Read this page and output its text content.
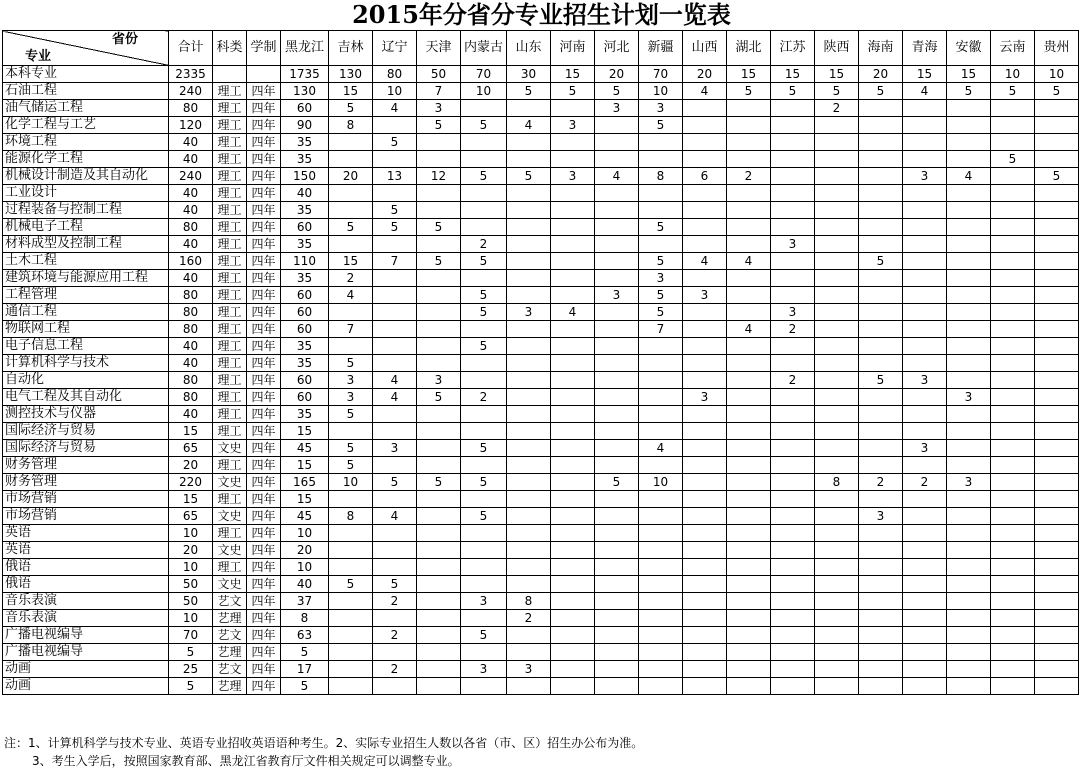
2015年分省分专业招生计划一览表
省份
专业	合计	科类	学制	黑龙江	吉林	辽宁	天津	内蒙古	山东	河南	河北	新疆	山西	湖北	江苏	陕西	海南	青海	安徽	云南	贵州
本科专业	2335			1735	130	80	50	70	30	15	20	70	20	15	15	15	20	15	15	10	10
石油工程	240	理工	四年	130	15	10	7	10	5	5	5	10	4	5	5	5	5	4	5	5	5
油气储运工程	80	理工	四年	60	5	4	3				3	3				2					
化学工程与工艺	120	理工	四年	90	8		5	5	4	3		5									
环境工程	40	理工	四年	35		5															
能源化学工程	40	理工	四年	35																5	
机械设计制造及其自动化	240	理工	四年	150	20	13	12	5	5	3	4	8	6	2				3	4		5
工业设计	40	理工	四年	40																	
过程装备与控制工程	40	理工	四年	35		5															
机械电子工程	80	理工	四年	60	5	5	5					5									
材料成型及控制工程	40	理工	四年	35				2							3						
土木工程	160	理工	四年	110	15	7	5	5				5	4	4			5				
建筑环境与能源应用工程	40	理工	四年	35	2							3									
工程管理	80	理工	四年	60	4			5			3	5	3								
通信工程	80	理工	四年	60				5	3	4		5			3						
物联网工程	80	理工	四年	60	7							7		4	2						
电子信息工程	40	理工	四年	35				5													
计算机科学与技术	40	理工	四年	35	5																
自动化	80	理工	四年	60	3	4	3								2		5	3			
电气工程及其自动化	80	理工	四年	60	3	4	5	2					3						3		
测控技术与仪器	40	理工	四年	35	5																
国际经济与贸易	15	理工	四年	15																	
国际经济与贸易	65	文史	四年	45	5	3		5				4						3			
财务管理	20	理工	四年	15	5																
财务管理	220	文史	四年	165	10	5	5	5			5	10				8	2	2	3		
市场营销	15	理工	四年	15																	
市场营销	65	文史	四年	45	8	4		5									3				
英语	10	理工	四年	10																	
英语	20	文史	四年	20																	
俄语	10	理工	四年	10																	
俄语	50	文史	四年	40	5	5															
音乐表演	50	艺文	四年	37		2		3	8												
音乐表演	10	艺理	四年	8					2												
广播电视编导	70	艺文	四年	63		2		5													
广播电视编导	5	艺理	四年	5																	
动画	25	艺文	四年	17		2		3	3												
动画	5	艺理	四年	5																	
注：1、计算机科学与技术专业、英语专业招收英语语种考生。2、实际专业招生人数以各省（市、区）招生办公布为准。
3、考生入学后，按照国家教育部、黑龙江省教育厅文件相关规定可以调整专业。
